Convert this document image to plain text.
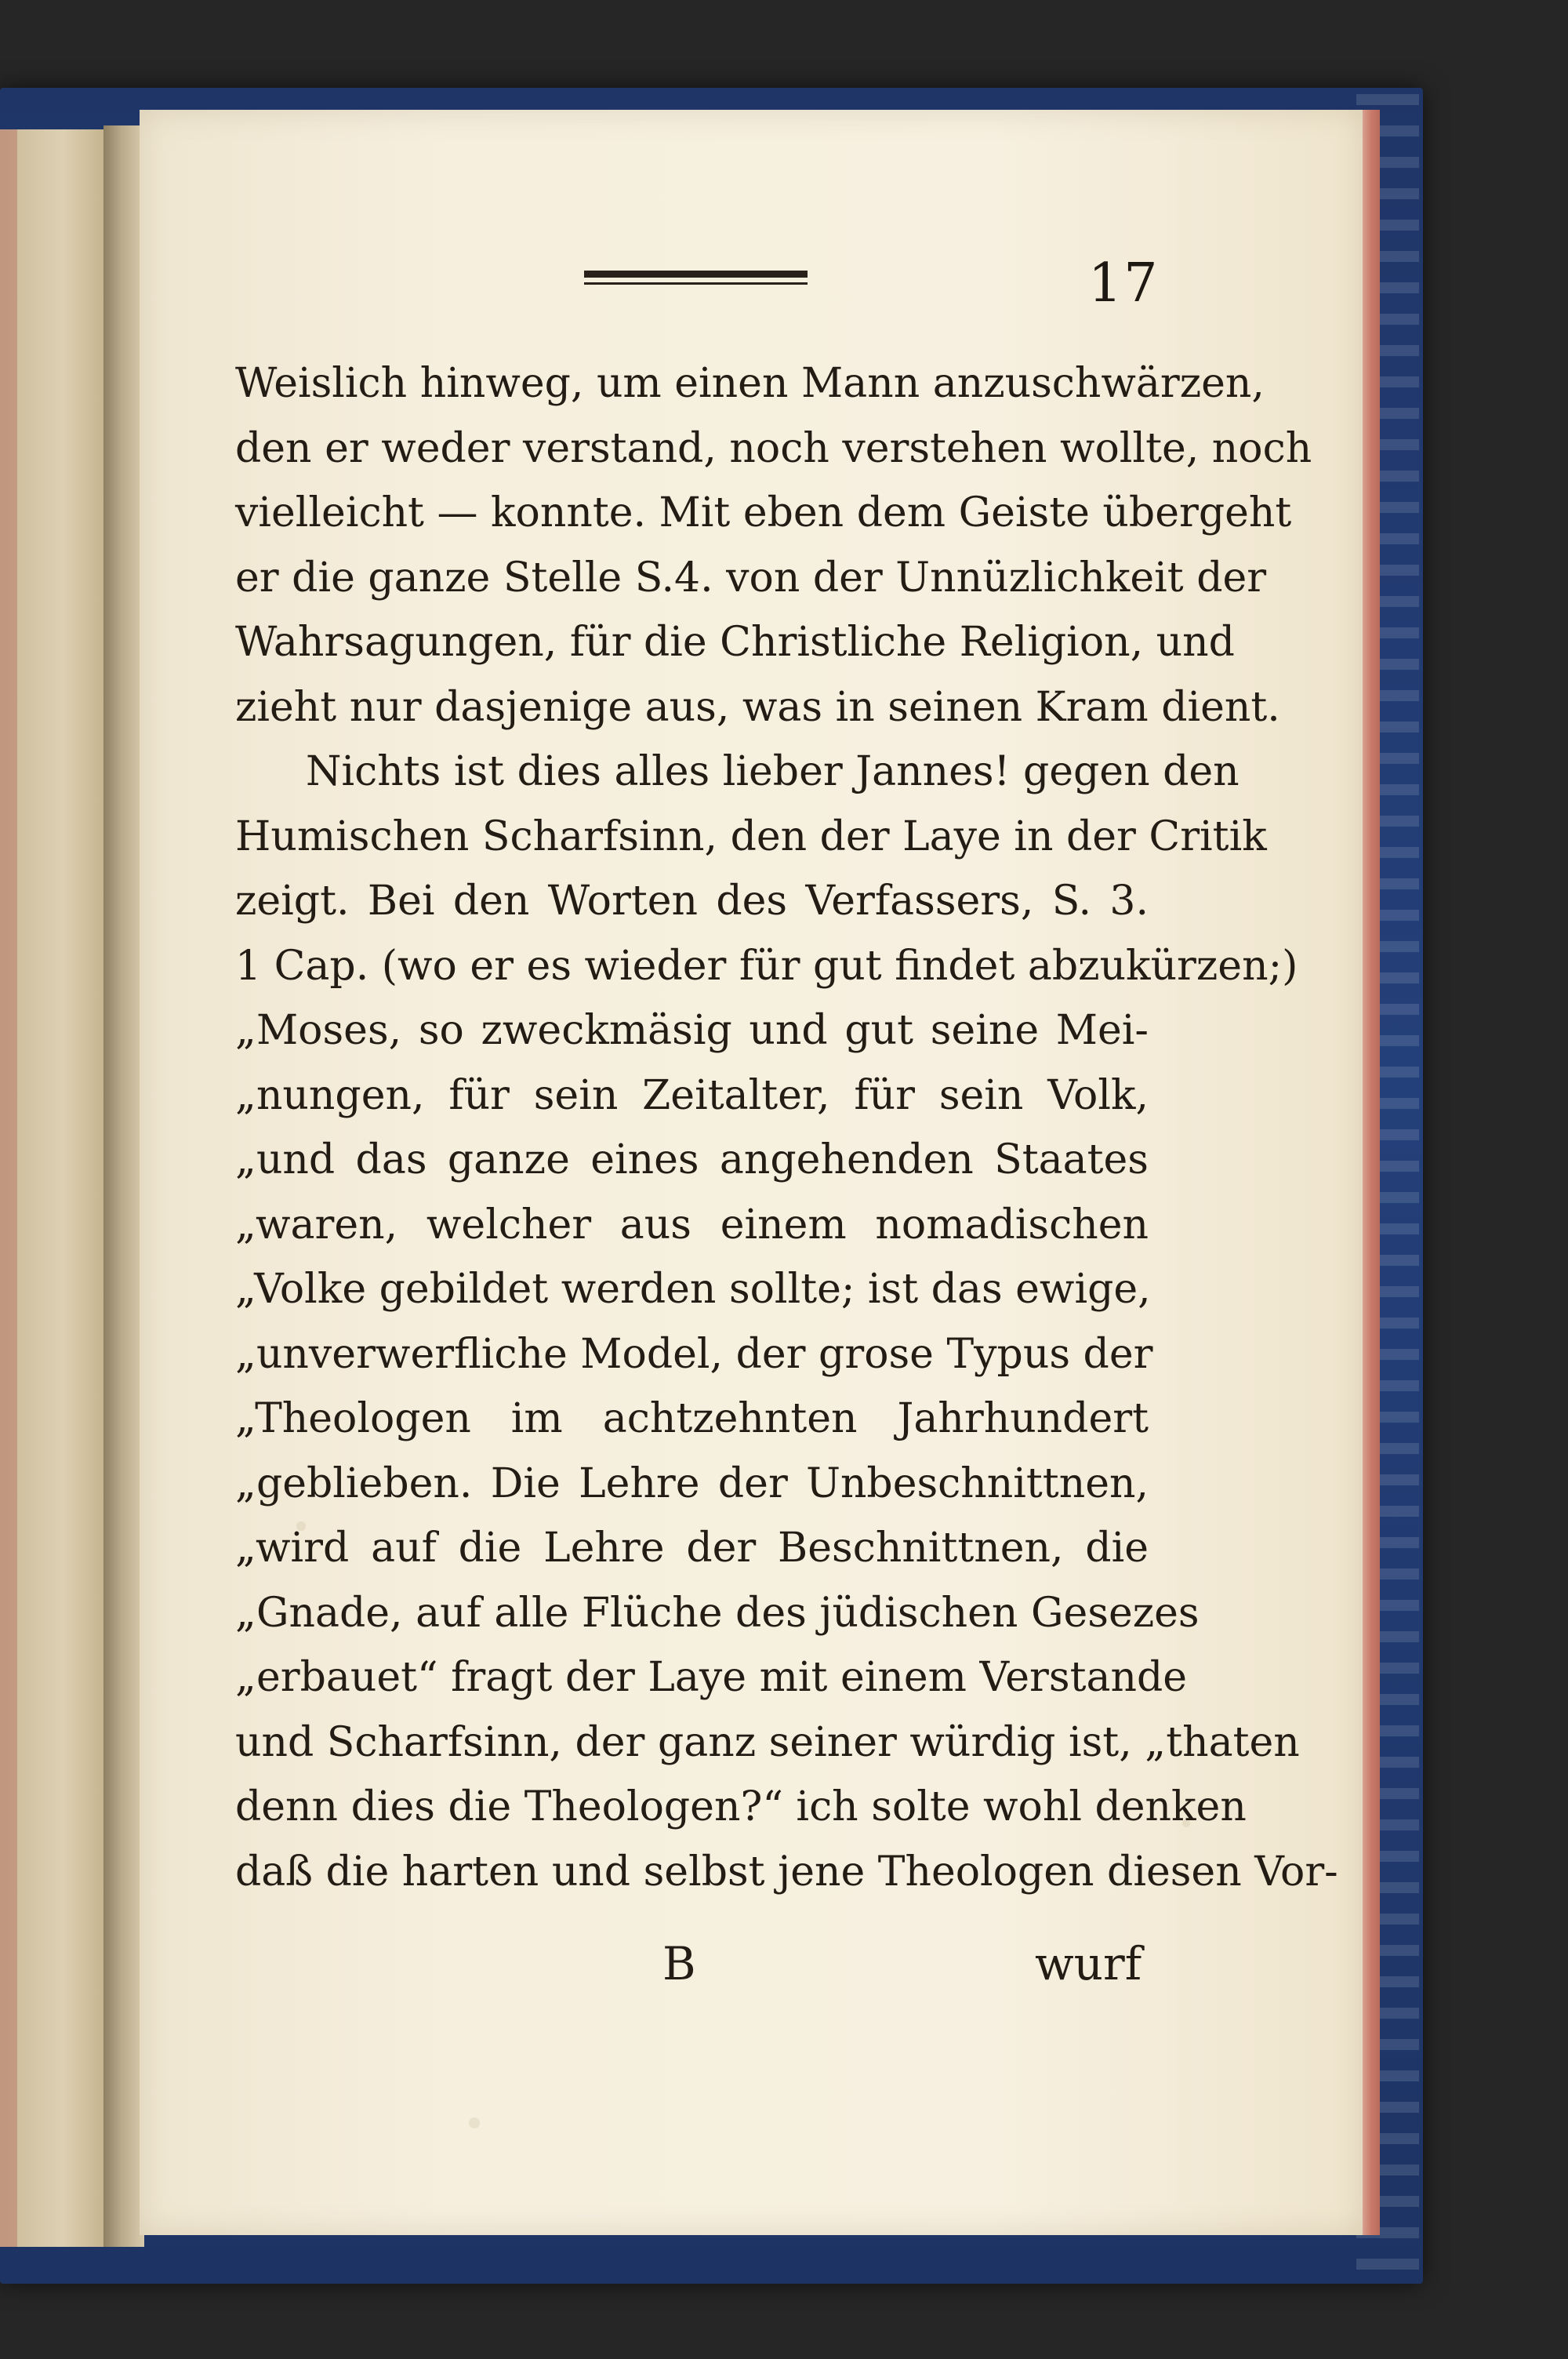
17
Weislich hinweg, um einen Mann anzuschwärzen,
den er weder verstand, noch verstehen wollte, noch
vielleicht — konnte. Mit eben dem Geiste übergeht
er die ganze Stelle S.4. von der Unnüzlichkeit der
Wahrsagungen, für die Christliche Religion, und
zieht nur dasjenige aus, was in seinen Kram dient.
Nichts ist dies alles lieber Jannes! gegen den
Humischen Scharfsinn, den der Laye in der Critik
zeigt. Bei den Worten des Verfassers, S. 3.
1 Cap. (wo er es wieder für gut findet abzukürzen;)
„Moses, so zweckmäsig und gut seine Mei-
„nungen, für sein Zeitalter, für sein Volk,
„und das ganze eines angehenden Staates
„waren, welcher aus einem nomadischen
„Volke gebildet werden sollte; ist das ewige,
„unverwerfliche Model, der grose Typus der
„Theologen im achtzehnten Jahrhundert
„geblieben. Die Lehre der Unbeschnittnen,
„wird auf die Lehre der Beschnittnen, die
„Gnade, auf alle Flüche des jüdischen Gesezes
„erbauet“ fragt der Laye mit einem Verstande
und Scharfsinn, der ganz seiner würdig ist, „thaten
denn dies die Theologen?“ ich solte wohl denken
daß die harten und selbst jene Theologen diesen Vor-
B	wurf
